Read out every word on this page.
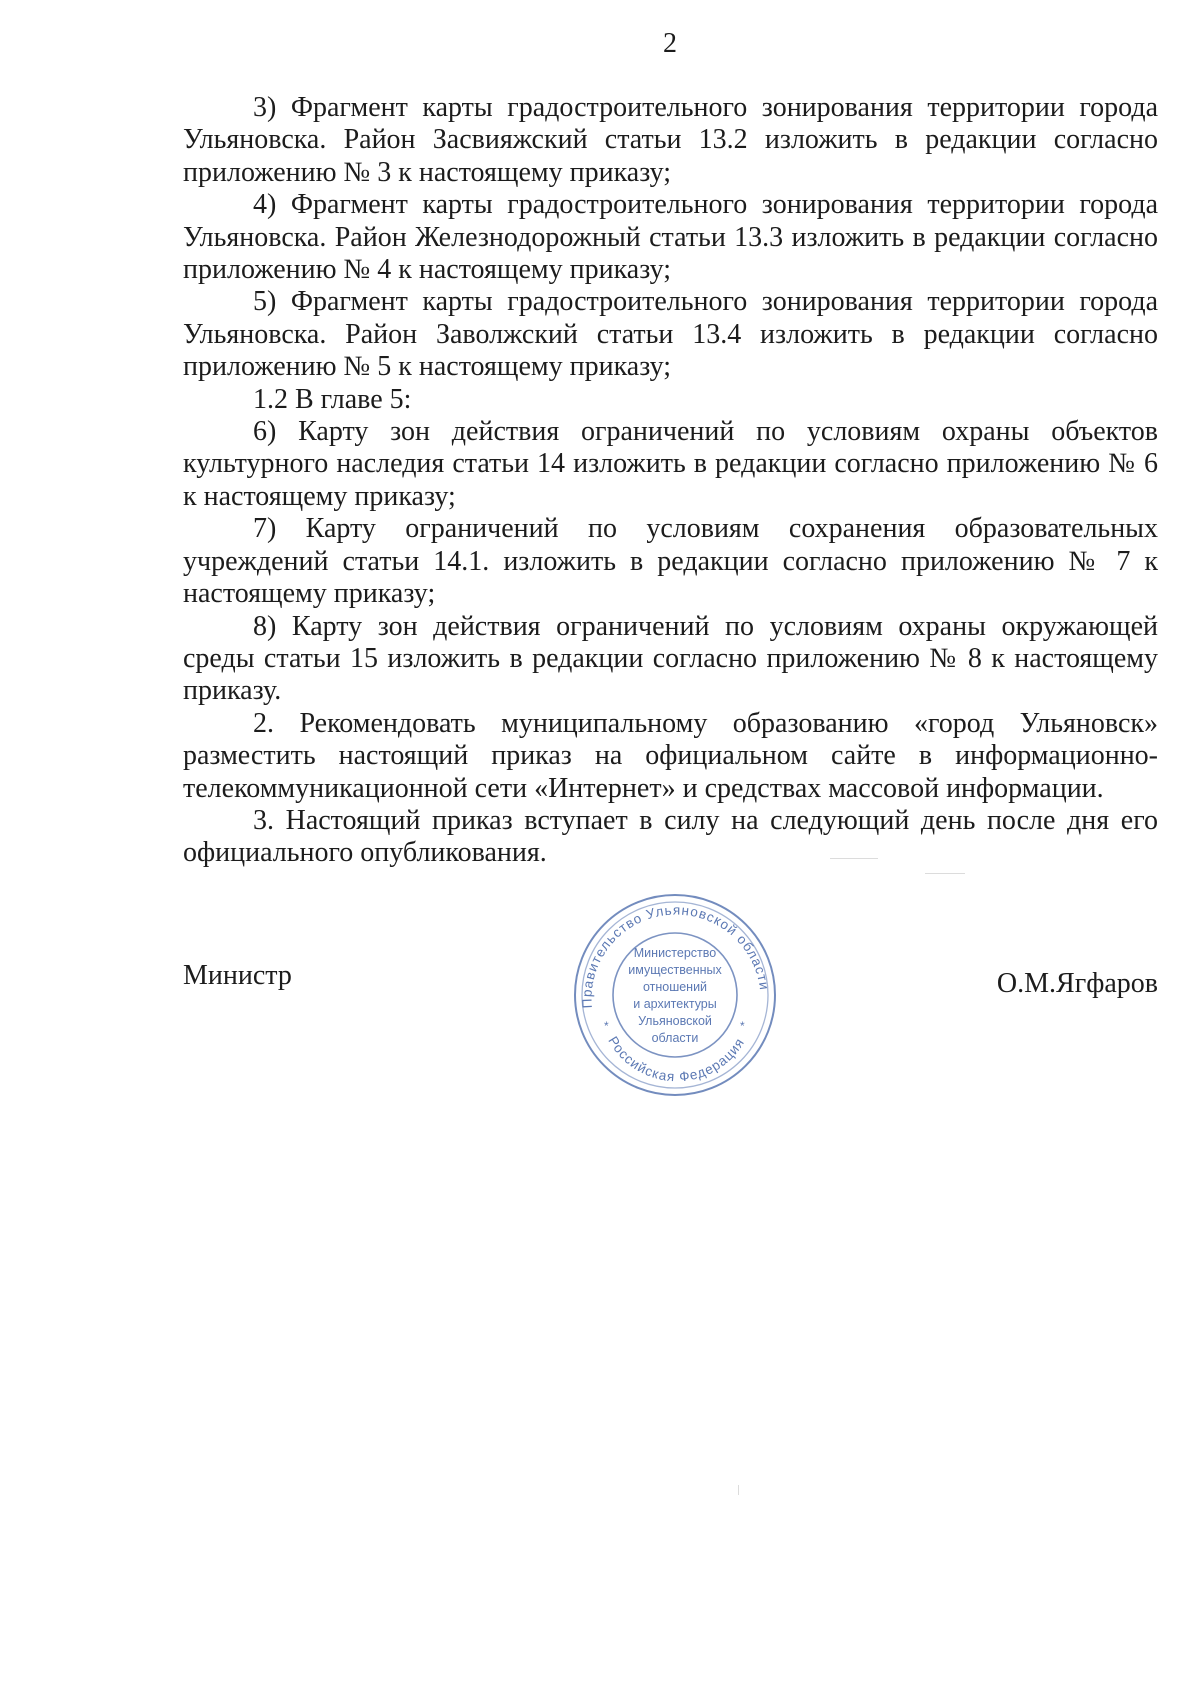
2

3) Фрагмент карты градостроительного зонирования территории города Ульяновска. Район Засвияжский статьи 13.2 изложить в редакции согласно приложению № 3 к настоящему приказу;

4) Фрагмент карты градостроительного зонирования территории города Ульяновска. Район Железнодорожный статьи 13.3 изложить в редакции согласно приложению № 4 к настоящему приказу;

5) Фрагмент карты градостроительного зонирования территории города Ульяновска. Район Заволжский статьи 13.4 изложить в редакции согласно приложению № 5 к настоящему приказу;

1.2 В главе 5:

6) Карту зон действия ограничений по условиям охраны объектов культурного наследия статьи 14 изложить в редакции согласно приложению № 6 к настоящему приказу;

7) Карту ограничений по условиям сохранения образовательных учреждений статьи 14.1. изложить в редакции согласно приложению № 7 к настоящему приказу;

8) Карту зон действия ограничений по условиям охраны окружающей среды статьи 15 изложить в редакции согласно приложению № 8 к настоящему приказу.

2. Рекомендовать муниципальному образованию «город Ульяновск» разместить настоящий приказ на официальном сайте в информационно-телекоммуникационной сети «Интернет» и средствах массовой информации.

3. Настоящий приказ вступает в силу на следующий день после дня его официального опубликования.

Министр	О.М.Ягфаров
Правительство Ульяновской области
Российская Федерация
*	*
Министерство
имущественных
отношений
и архитектуры
Ульяновской
области
